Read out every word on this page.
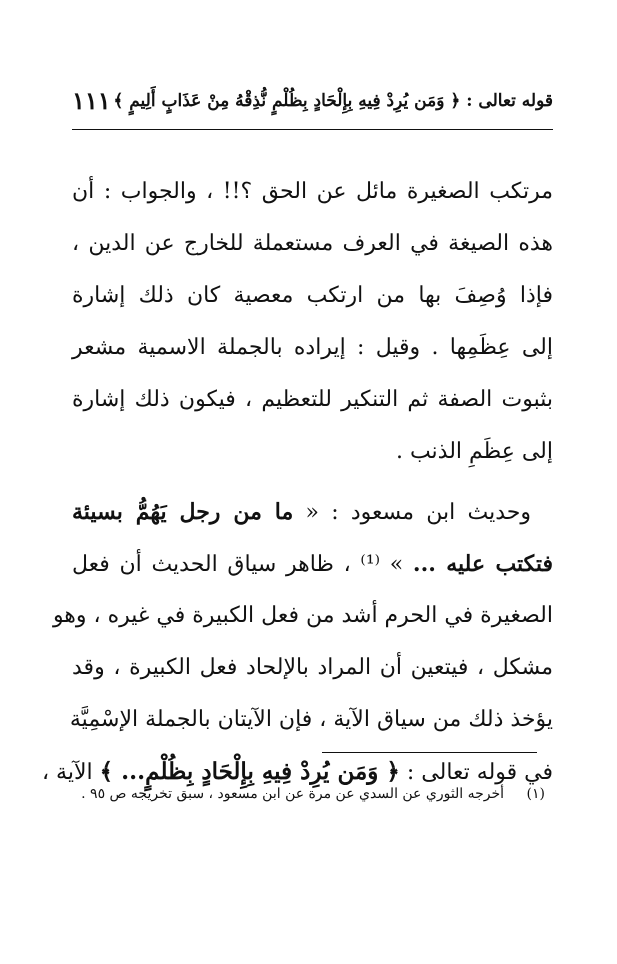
قوله تعالى : ﴿ وَمَن يُرِدْ فِيهِ بِإِلْحَادٍ بِظُلْمٍ نُّذِقْهُ مِنْ عَذَابٍ أَلِيمٍ ﴾
١١١
مرتكب الصغيرة مائل عن الحق ؟!! ، والجواب : أن
هذه الصيغة في العرف مستعملة للخارج عن الدين ،
فإذا وُصِفَ بها من ارتكب معصية كان ذلك إشارة
إلى عِظَمِها . وقيل : إيراده بالجملة الاسمية مشعر
بثبوت الصفة ثم التنكير للتعظيم ، فيكون ذلك إشارة
إلى عِظَمِ الذنب .
وحديث ابن مسعود : « ما من رجل يَهُمُّ بسيئة
فتكتب عليه ... » ⁽¹⁾ ، ظاهر سياق الحديث أن فعل
الصغيرة في الحرم أشد من فعل الكبيرة في غيره ، وهو
مشكل ، فيتعين أن المراد بالإلحاد فعل الكبيرة ، وقد
يؤخذ ذلك من سياق الآية ، فإن الآيتان بالجملة الإسْمِيَّة
في قوله تعالى : ﴿ وَمَن يُرِدْ فِيهِ بِإِلْحَادٍ بِظُلْمٍ... ﴾ الآية ،
(١) أخرجه الثوري عن السدي عن مرة عن ابن مسعود ، سبق تخريجه ص ٩٥ .
